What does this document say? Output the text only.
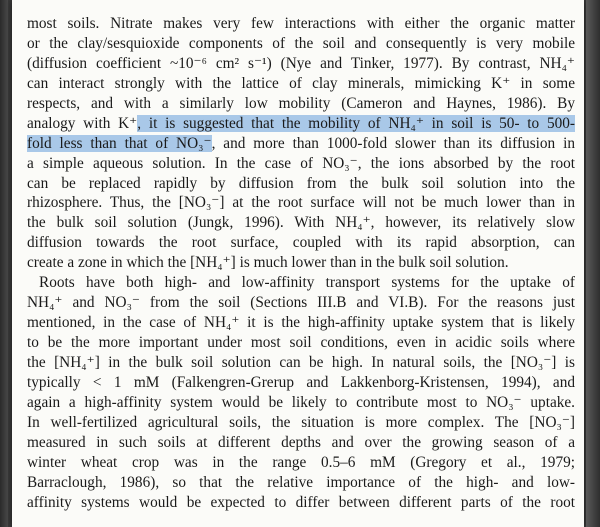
most soils. Nitrate makes very few interactions with either the organic matter
or the clay/sesquioxide components of the soil and consequently is very mobile
(diffusion coefficient ~10⁻⁶ cm² s⁻¹) (Nye and Tinker, 1977). By contrast, NH₄⁺
can interact strongly with the lattice of clay minerals, mimicking K⁺ in some
respects, and with a similarly low mobility (Cameron and Haynes, 1986). By
analogy with K⁺, it is suggested that the mobility of NH₄⁺ in soil is 50- to 500-
fold less than that of NO₃⁻, and more than 1000-fold slower than its diffusion in
a simple aqueous solution. In the case of NO₃⁻, the ions absorbed by the root
can be replaced rapidly by diffusion from the bulk soil solution into the
rhizosphere. Thus, the [NO₃⁻] at the root surface will not be much lower than in
the bulk soil solution (Jungk, 1996). With NH₄⁺, however, its relatively slow
diffusion towards the root surface, coupled with its rapid absorption, can
create a zone in which the [NH₄⁺] is much lower than in the bulk soil solution.
Roots have both high- and low-affinity transport systems for the uptake of
NH₄⁺ and NO₃⁻ from the soil (Sections III.B and VI.B). For the reasons just
mentioned, in the case of NH₄⁺ it is the high-affinity uptake system that is likely
to be the more important under most soil conditions, even in acidic soils where
the [NH₄⁺] in the bulk soil solution can be high. In natural soils, the [NO₃⁻] is
typically < 1 mM (Falkengren-Grerup and Lakkenborg-Kristensen, 1994), and
again a high-affinity system would be likely to contribute most to NO₃⁻ uptake.
In well-fertilized agricultural soils, the situation is more complex. The [NO₃⁻]
measured in such soils at different depths and over the growing season of a
winter wheat crop was in the range 0.5–6 mM (Gregory et al., 1979;
Barraclough, 1986), so that the relative importance of the high- and low-
affinity systems would be expected to differ between different parts of the root
